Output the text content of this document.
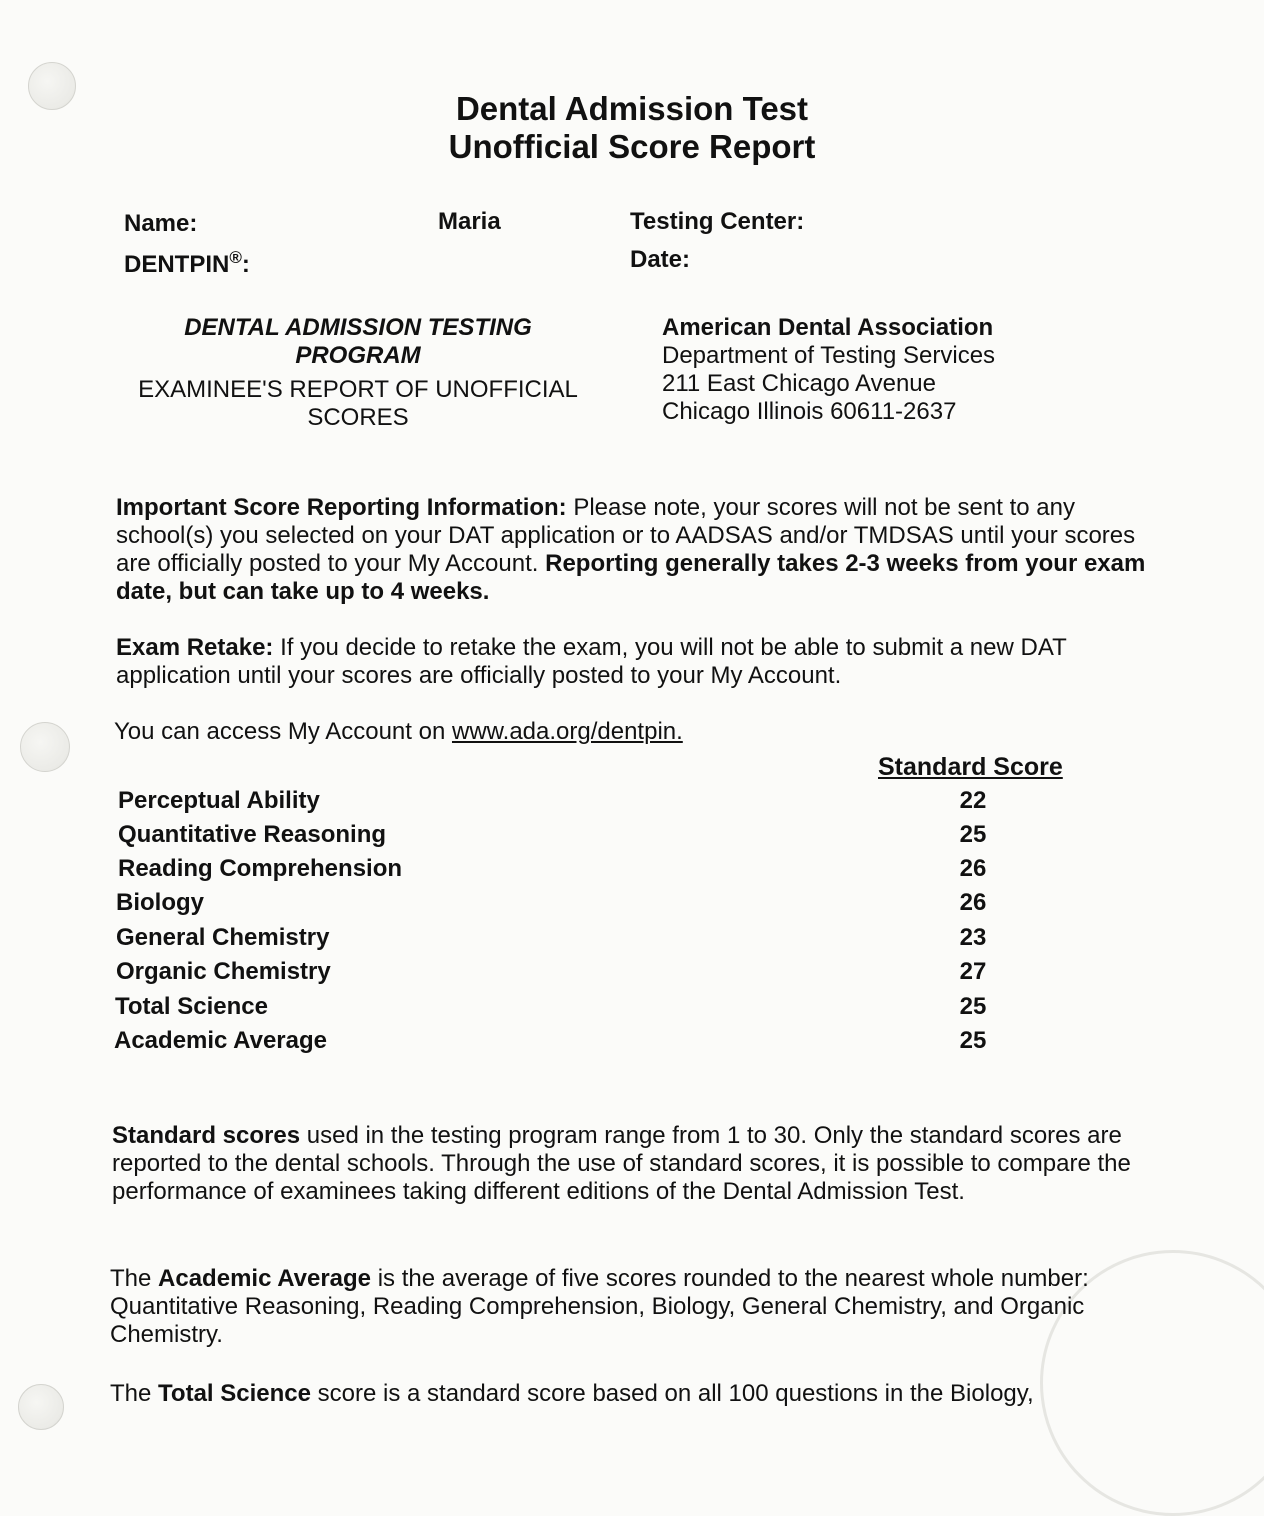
Dental Admission Test
Unofficial Score Report
Name:	Maria
DENTPIN®:
Testing Center:
Date:
DENTAL ADMISSION TESTING
PROGRAM
EXAMINEE'S REPORT OF UNOFFICIAL
SCORES
American Dental Association
Department of Testing Services
211 East Chicago Avenue
Chicago Illinois 60611-2637
Important Score Reporting Information: Please note, your scores will not be sent to any school(s) you selected on your DAT application or to AADSAS and/or TMDSAS until your scores are officially posted to your My Account. Reporting generally takes 2-3 weeks from your exam date, but can take up to 4 weeks.
Exam Retake: If you decide to retake the exam, you will not be able to submit a new DAT application until your scores are officially posted to your My Account.
You can access My Account on www.ada.org/dentpin.
Standard Score
Perceptual Ability	22
Quantitative Reasoning	25
Reading Comprehension	26
Biology	26
General Chemistry	23
Organic Chemistry	27
Total Science	25
Academic Average	25
Standard scores used in the testing program range from 1 to 30. Only the standard scores are reported to the dental schools. Through the use of standard scores, it is possible to compare the performance of examinees taking different editions of the Dental Admission Test.
The Academic Average is the average of five scores rounded to the nearest whole number: Quantitative Reasoning, Reading Comprehension, Biology, General Chemistry, and Organic Chemistry.
The Total Science score is a standard score based on all 100 questions in the Biology,
